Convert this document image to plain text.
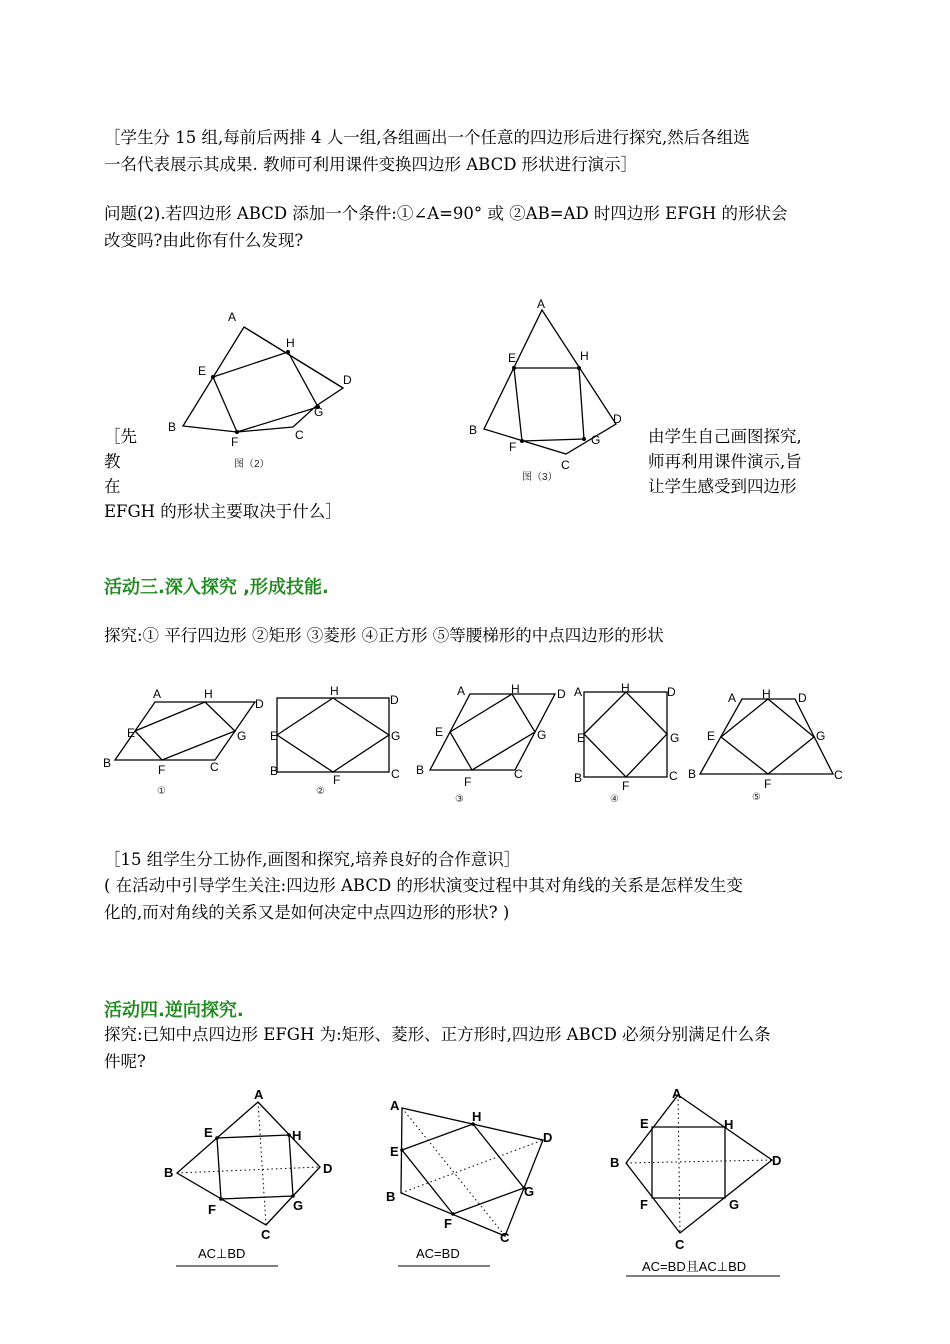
［学生分 15 组,每前后两排 4 人一组,各组画出一个任意的四边形后进行探究,然后各组选
一名代表展示其成果. 教师可利用课件变换四边形 ABCD 形状进行演示］
问题(2).若四边形 ABCD 添加一个条件:①∠A=90° 或 ②AB=AD 时四边形 EFGH 的形状会
改变吗?由此你有什么发现?
A
B
C
D
E
F
G
H
图（2）
A
B
C
D
E
F	G
H
图（3）
［先
教
在
EFGH 的形状主要取决于什么］
由学生自己画图探究,
师再利用课件演示,旨
让学生感受到四边形
活动三.深入探究 ,形成技能.
探究:① 平行四边形 ②矩形 ③菱形 ④正方形 ⑤等腰梯形的中点四边形的形状
A	H
D
E	G
B	F	C
①
H
D
E	G
B
F	C
②
A	H	D
E	G
B
F
C
③
A	H	D
E	G
B
F
C
④
A H D
E	G
B
F
C
⑤
［15 组学生分工协作,画图和探究,培养良好的合作意识］
( 在活动中引导学生关注:四边形 ABCD 的形状演变过程中其对角线的关系是怎样发生变
化的,而对角线的关系又是如何决定中点四边形的形状? )
活动四.逆向探究.
探究:已知中点四边形 EFGH 为:矩形、菱形、正方形时,四边形 ABCD 必须分别满足什么条
件呢?
A
B
C
D
E
F	G
H
AC⊥BD
A
B
C
D
E
F
G
H
AC=BD
A
B
C
D
E
F	G
H
AC=BD且AC⊥BD
